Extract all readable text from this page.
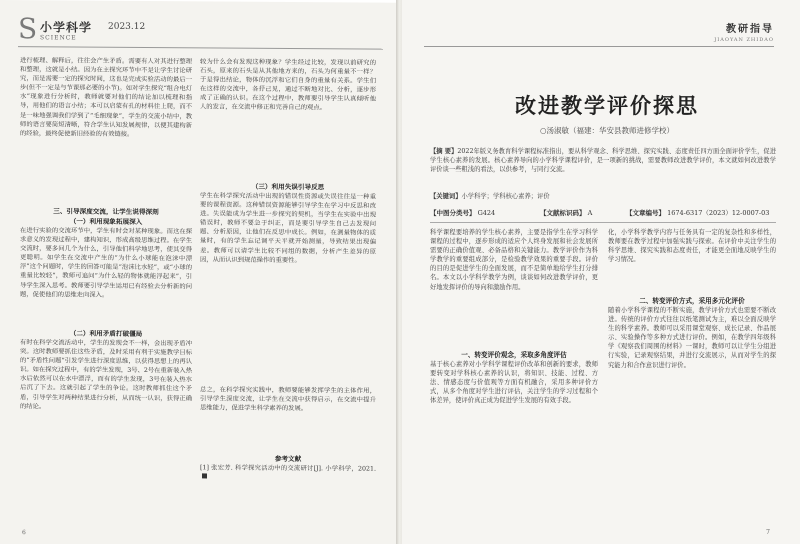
S 小学科学
SCIENCE
2023.12

进行梳理、解释后，往往会产生矛盾。需要有人对其进行整理和整理，这就是小结。因为在主探究环节中不是让学生讨论研究，而是需要一定的探究时间，这也是完成实验活动的最后一步(但不一定是与节课那必要的小节)。如对学生探究“组合电灯水”现象进行分析时，教师就要对他们的结论加以梳理和指导，用他们的语言小结；本可以启蒙有孔的材料往上爬，而不是一味地强调我们学到了“毛细现象”，学生的交流小结中，教师的语言要简短清晰，符合学生认知发展规律，以便其建构新的经验，最终促使新旧经验的有效链接。

三、引导深度交流，让学生说得深刻

（一）利用现象拓展深入

在进行实验的交流环节中，学生有时会对某种现象。而这在探求意义的发现过程中，建构知识，形成高级思维过程。在学生交流时，要多问几个为什么，引导他们科学地思考，使其变得更聪明。如学生在交流中产生的“为什么小球能在泡沫中漂浮”这个问题时，学生的回答可能是“泡沫比水轻”，或“小球的重量比较轻”，教师可追问“为什么轻的物体就能浮起来”，引导学生深入思考。教师要引导学生运用已有经验去分析新的问题，促使他们的思维走向深入。

（二）利用矛盾打破僵局

有时在科学交流活动中，学生的发现会不一样，会出现矛盾冲突。这时教师要抓住这些矛盾，及时采用有利于实施教学目标的“矛盾性问题”引发学生进行深度思维，以获得思想上的再认识。如在探究过程中，有的学生发现，3号、2号在重新装入热水后依然可以在水中漂浮，而有的学生发现，3号在装入热水后沉了下去。这就引起了学生的争论。这时教师抓住这个矛盾，引导学生对两种结果进行分析，从而统一认识，获得正确的结论。

较为什么会有发现这种现象？学生经过比较，发现以前研究的石头，原来的石头是从其他地方来的，石头为何重量不一样？于是得出结论，物体的沉浮和它们自身的重量有关系。学生们在这样的交流中，各抒己见，通过不断地对比、分析，逐步形成了正确的认识。在这个过程中，教师要引导学生认真倾听他人的发言，在交流中修正和完善自己的观点。

（三）利用失误引导反思

学生在科学探究活动中出现的错误性资源或失误往往是一种重要的课程资源。这种错误资源能够引导学生在学习中反思和改进。失误能成为学生进一步探究的契机，当学生在实验中出现错误时，教师不要急于纠正，而是要引导学生自己去发现问题、分析原因，让他们在反思中成长。例如，在测量物体的质量时，有的学生忘记调平天平就开始测量，导致结果出现偏差。教师可以请学生比较不同组的数据，分析产生差异的原因，从而认识到规范操作的重要性。

总之，在科学探究实践中，教师要能够发挥学生的主体作用，引导学生深度交流，让学生在交流中获得启示，在交流中提升思维能力，促进学生科学素养的发展。

参考文献

[1] 张宏芳. 科学探究活动中的交流研讨[J]. 小学科学，2021.

6
教研指导
JIAOYAN ZHIDAO
改进教学评价探思
○汤淑敏（福建：华安县教师进修学校）
【摘 要】2022年版义务教育科学课程标准指出，要从科学观念、科学思维、探究实践、态度责任四方面全面评价学生，促进学生核心素养的发展。核心素养导向的小学科学课程评价，是一项新的挑战，需要教师改进教学评价，本文就如何改进教学评价谈一些粗浅的看法，以供参考，与同行交流。
【关键词】小学科学；学科核心素养；评价
【中图分类号】 G424	【文献标识码】 A	【文章编号】 1674-6317（2023）12-0007-03

科学课程要培养的学生核心素养，主要是指学生在学习科学课程的过程中，逐步形成的适应个人终身发展和社会发展所需要的正确价值观、必备品格和关键能力。教学评价作为科学教学的重要组成部分，是检验教学效果的重要手段。评价的目的是促进学生的全面发展，而不是简单地给学生打分排名。本文以小学科学教学为例，谈谈如何改进教学评价，更好地发挥评价的导向和激励作用。

一、转变评价观念，采取多角度评估

基于核心素养对小学科学课程评价改革和创新的要求，教师要转变对学科核心素养的认识，将知识、技能、过程、方法、情感态度与价值观等方面有机融合，采用多种评价方式，从多个角度对学生进行评估，关注学生的学习过程和个体差异，使评价真正成为促进学生发展的有效手段。

化，小学科学教学内容与任务具有一定的复杂性和多样性，教师要在教学过程中加强实践与探索。在评价中关注学生的科学思维、探究实践和态度责任，才能更全面地反映学生的学习情况。

二、转变评价方式，采用多元化评价

随着小学科学课程的不断实施，教学评价方式也需要不断改进。传统的评价方式往往以纸笔测试为主，难以全面反映学生的科学素养。教师可以采用课堂观察、成长记录、作品展示、实验操作等多种方式进行评价。例如，在教学四年级科学《观察我们周围的材料》一课时，教师可以让学生分组进行实验，记录观察结果，并进行交流展示，从而对学生的探究能力和合作意识进行评价。

7
